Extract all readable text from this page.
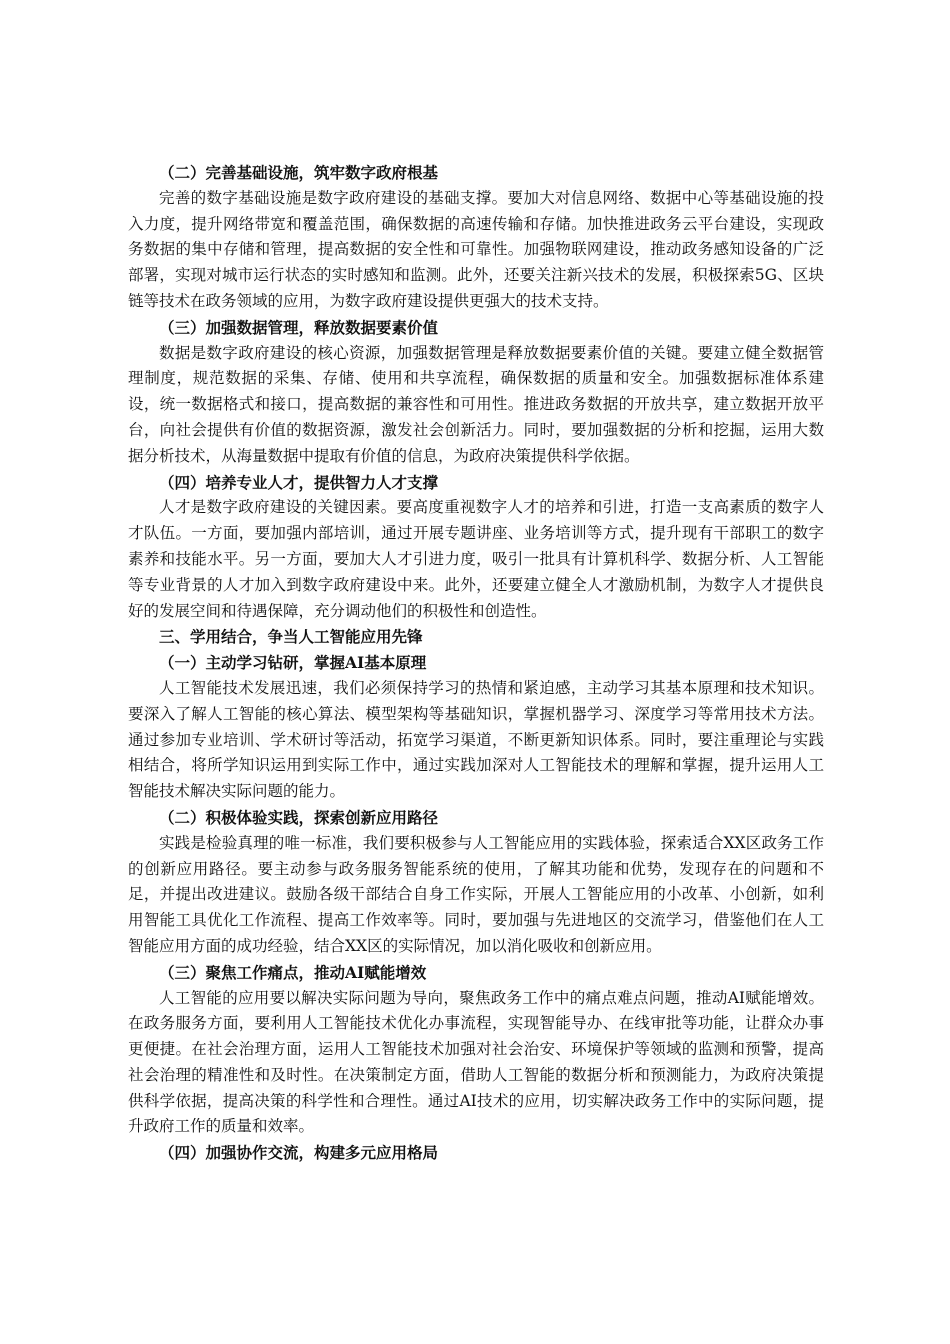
（二）完善基础设施，筑牢数字政府根基

完善的数字基础设施是数字政府建设的基础支撑。要加大对信息网络、数据中心等基础设施的投入力度，提升网络带宽和覆盖范围，确保数据的高速传输和存储。加快推进政务云平台建设，实现政务数据的集中存储和管理，提高数据的安全性和可靠性。加强物联网建设，推动政务感知设备的广泛部署，实现对城市运行状态的实时感知和监测。此外，还要关注新兴技术的发展，积极探索5G、区块链等技术在政务领域的应用，为数字政府建设提供更强大的技术支持。

（三）加强数据管理，释放数据要素价值

数据是数字政府建设的核心资源，加强数据管理是释放数据要素价值的关键。要建立健全数据管理制度，规范数据的采集、存储、使用和共享流程，确保数据的质量和安全。加强数据标准体系建设，统一数据格式和接口，提高数据的兼容性和可用性。推进政务数据的开放共享，建立数据开放平台，向社会提供有价值的数据资源，激发社会创新活力。同时，要加强数据的分析和挖掘，运用大数据分析技术，从海量数据中提取有价值的信息，为政府决策提供科学依据。

（四）培养专业人才，提供智力人才支撑

人才是数字政府建设的关键因素。要高度重视数字人才的培养和引进，打造一支高素质的数字人才队伍。一方面，要加强内部培训，通过开展专题讲座、业务培训等方式，提升现有干部职工的数字素养和技能水平。另一方面，要加大人才引进力度，吸引一批具有计算机科学、数据分析、人工智能等专业背景的人才加入到数字政府建设中来。此外，还要建立健全人才激励机制，为数字人才提供良好的发展空间和待遇保障，充分调动他们的积极性和创造性。

三、学用结合，争当人工智能应用先锋

（一）主动学习钻研，掌握AI基本原理

人工智能技术发展迅速，我们必须保持学习的热情和紧迫感，主动学习其基本原理和技术知识。要深入了解人工智能的核心算法、模型架构等基础知识，掌握机器学习、深度学习等常用技术方法。通过参加专业培训、学术研讨等活动，拓宽学习渠道，不断更新知识体系。同时，要注重理论与实践相结合，将所学知识运用到实际工作中，通过实践加深对人工智能技术的理解和掌握，提升运用人工智能技术解决实际问题的能力。

（二）积极体验实践，探索创新应用路径

实践是检验真理的唯一标准，我们要积极参与人工智能应用的实践体验，探索适合XX区政务工作的创新应用路径。要主动参与政务服务智能系统的使用，了解其功能和优势，发现存在的问题和不足，并提出改进建议。鼓励各级干部结合自身工作实际，开展人工智能应用的小改革、小创新，如利用智能工具优化工作流程、提高工作效率等。同时，要加强与先进地区的交流学习，借鉴他们在人工智能应用方面的成功经验，结合XX区的实际情况，加以消化吸收和创新应用。

（三）聚焦工作痛点，推动AI赋能增效

人工智能的应用要以解决实际问题为导向，聚焦政务工作中的痛点难点问题，推动AI赋能增效。在政务服务方面，要利用人工智能技术优化办事流程，实现智能导办、在线审批等功能，让群众办事更便捷。在社会治理方面，运用人工智能技术加强对社会治安、环境保护等领域的监测和预警，提高社会治理的精准性和及时性。在决策制定方面，借助人工智能的数据分析和预测能力，为政府决策提供科学依据，提高决策的科学性和合理性。通过AI技术的应用，切实解决政务工作中的实际问题，提升政府工作的质量和效率。

（四）加强协作交流，构建多元应用格局
